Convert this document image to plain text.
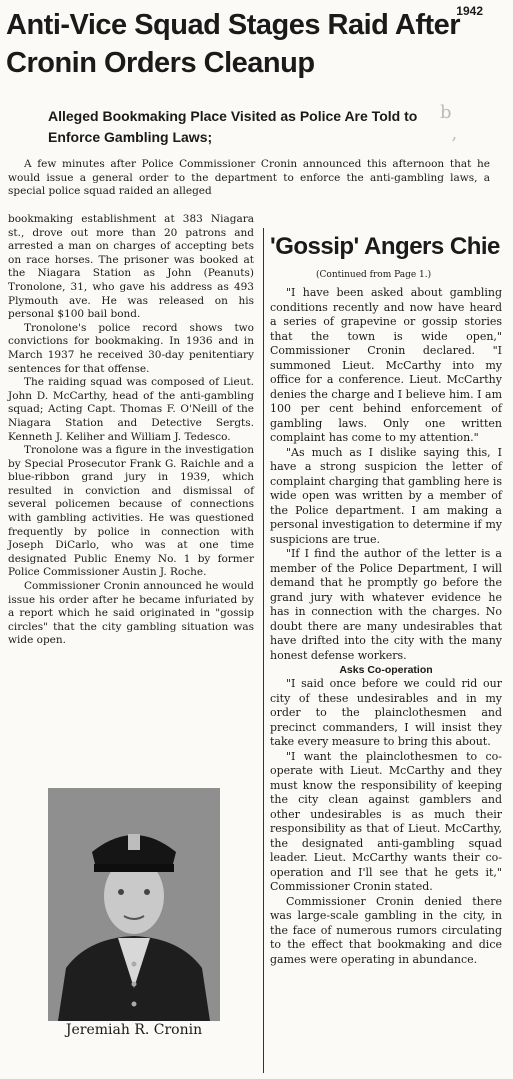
1942
Anti-Vice Squad Stages Raid After Cronin Orders Cleanup
Alleged Bookmaking Place Visited as Police Are Told to Enforce Gambling Laws;
b
,

A few minutes after Police Commissioner Cronin announced this afternoon that he would issue a general order to the department to enforce the anti-gambling laws, a special police squad raided an alleged

bookmaking establishment at 383 Niagara st., drove out more than 20 patrons and arrested a man on charges of accepting bets on race horses. The prisoner was booked at the Niagara Station as John (Peanuts) Tronolone, 31, who gave his address as 493 Plymouth ave. He was released on his personal $100 bail bond.

Tronolone's police record shows two convictions for bookmaking. In 1936 and in March 1937 he received 30-day penitentiary sentences for that offense.

The raiding squad was composed of Lieut. John D. McCarthy, head of the anti-gambling squad; Acting Capt. Thomas F. O'Neill of the Niagara Station and Detective Sergts. Kenneth J. Keliher and William J. Tedesco.

Tronolone was a figure in the investigation by Special Prosecutor Frank G. Raichle and a blue-ribbon grand jury in 1939, which resulted in conviction and dismissal of several policemen because of connections with gambling activities. He was questioned frequently by police in connection with Joseph DiCarlo, who was at one time designated Public Enemy No. 1 by former Police Commissioner Austin J. Roche.

Commissioner Cronin announced he would issue his order after he became infuriated by a report which he said originated in "gossip circles" that the city gambling situation was wide open.

'Gossip' Angers Chie
(Continued from Page 1.)

"I have been asked about gambling conditions recently and now have heard a series of grapevine or gossip stories that the town is wide open," Commissioner Cronin declared. "I summoned Lieut. McCarthy into my office for a conference. Lieut. McCarthy denies the charge and I believe him. I am 100 per cent behind enforcement of gambling laws. Only one written complaint has come to my attention."

"As much as I dislike saying this, I have a strong suspicion the letter of complaint charging that gambling here is wide open was written by a member of the Police department. I am making a personal investigation to determine if my suspicions are true.

"If I find the author of the letter is a member of the Police Department, I will demand that he promptly go before the grand jury with whatever evidence he has in connection with the charges. No doubt there are many undesirables that have drifted into the city with the many honest defense workers.

Asks Co-operation

"I said once before we could rid our city of these undesirables and in my order to the plainclothesmen and precinct commanders, I will insist they take every measure to bring this about.

"I want the plainclothesmen to co-operate with Lieut. McCarthy and they must know the responsibility of keeping the city clean against gamblers and other undesirables is as much their responsibility as that of Lieut. McCarthy, the designated anti-gambling squad leader. Lieut. McCarthy wants their co-operation and I'll see that he gets it," Commissioner Cronin stated.

Commissioner Cronin denied there was large-scale gambling in the city, in the face of numerous rumors circulating to the effect that bookmaking and dice games were operating in abundance.

Jeremiah R. Cronin
